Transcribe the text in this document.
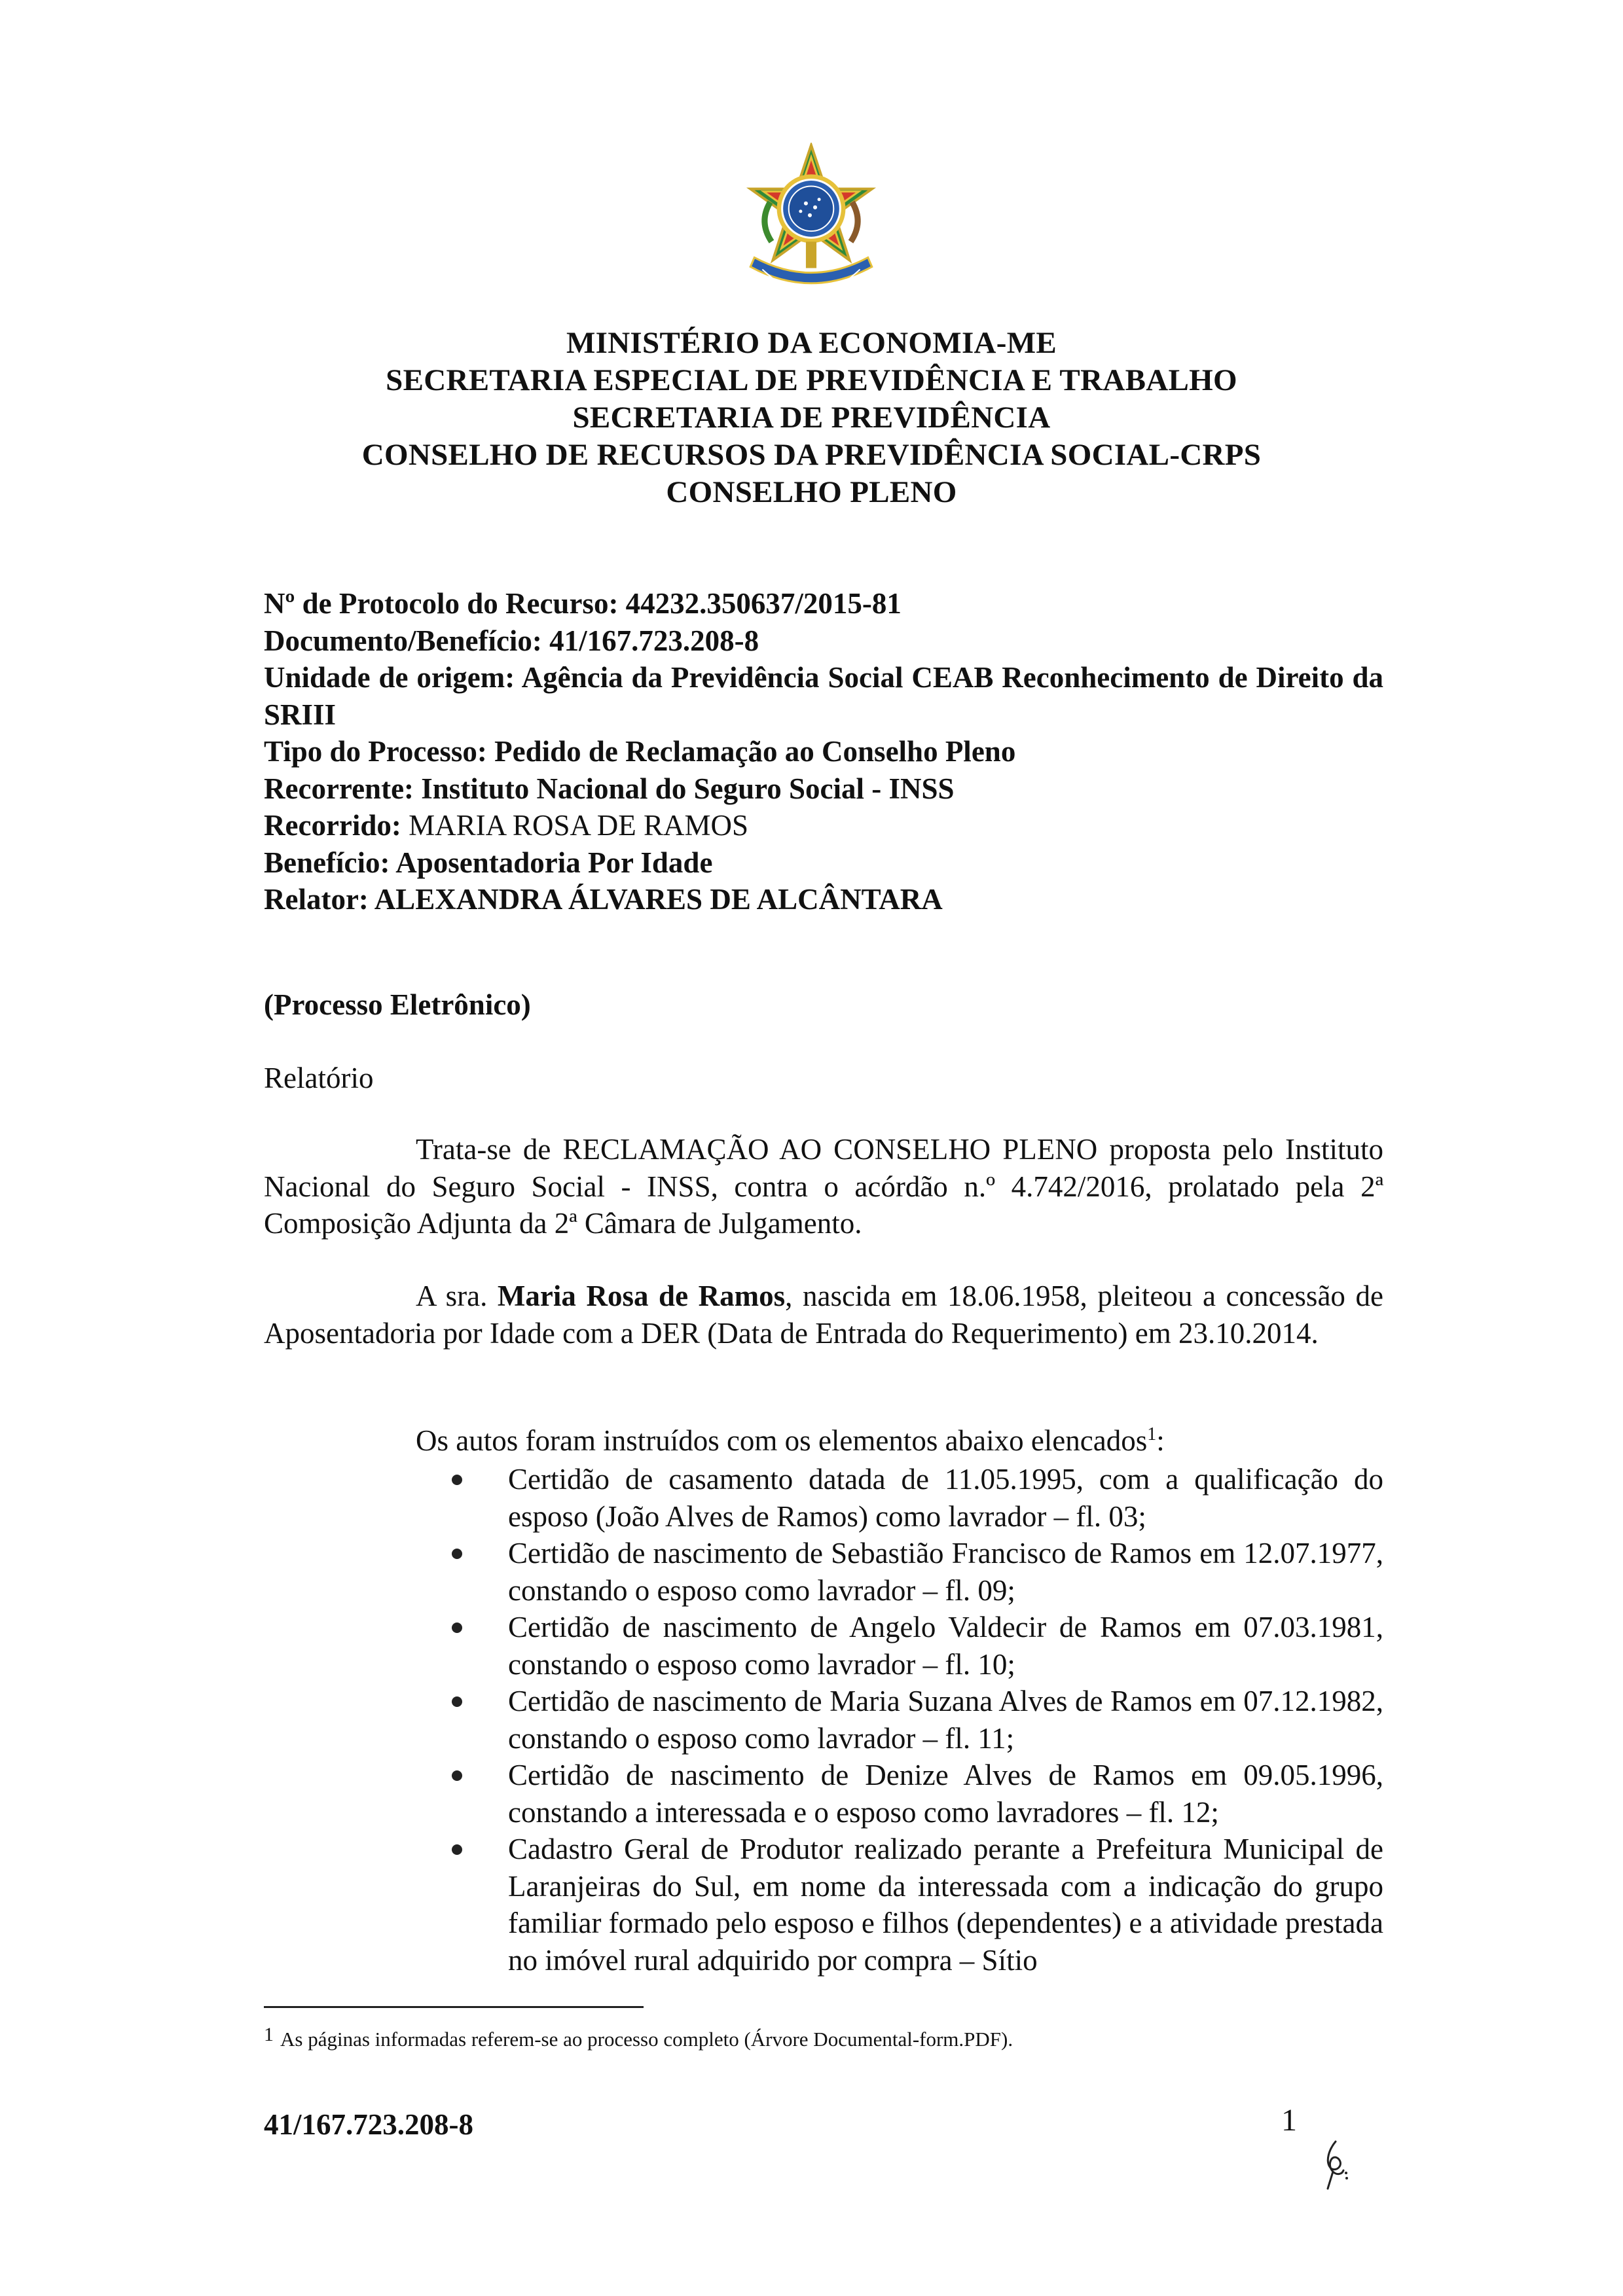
MINISTÉRIO DA ECONOMIA-ME
SECRETARIA ESPECIAL DE PREVIDÊNCIA E TRABALHO
SECRETARIA DE PREVIDÊNCIA
CONSELHO DE RECURSOS DA PREVIDÊNCIA SOCIAL-CRPS
CONSELHO PLENO
Nº de Protocolo do Recurso: 44232.350637/2015-81
Documento/Benefício: 41/167.723.208-8
Unidade de origem: Agência da Previdência Social CEAB Reconhecimento de Direito da SRIII
Tipo do Processo: Pedido de Reclamação ao Conselho Pleno
Recorrente: Instituto Nacional do Seguro Social - INSS
Recorrido: MARIA ROSA DE RAMOS
Benefício: Aposentadoria Por Idade
Relator: ALEXANDRA ÁLVARES DE ALCÂNTARA
(Processo Eletrônico)
Relatório
Trata-se de RECLAMAÇÃO AO CONSELHO PLENO proposta pelo Instituto Nacional do Seguro Social - INSS, contra o acórdão n.º 4.742/2016, prolatado pela 2ª Composição Adjunta da 2ª Câmara de Julgamento.
A sra. Maria Rosa de Ramos, nascida em 18.06.1958, pleiteou a concessão de Aposentadoria por Idade com a DER (Data de Entrada do Requerimento) em 23.10.2014.
Os autos foram instruídos com os elementos abaixo elencados$^1$:
Certidão de casamento datada de 11.05.1995, com a qualificação do esposo (João Alves de Ramos) como lavrador – fl. 03;
Certidão de nascimento de Sebastião Francisco de Ramos em 12.07.1977, constando o esposo como lavrador – fl. 09;
Certidão de nascimento de Angelo Valdecir de Ramos em 07.03.1981, constando o esposo como lavrador – fl. 10;
Certidão de nascimento de Maria Suzana Alves de Ramos em 07.12.1982, constando o esposo como lavrador – fl. 11;
Certidão de nascimento de Denize Alves de Ramos em 09.05.1996, constando a interessada e o esposo como lavradores – fl. 12;
Cadastro Geral de Produtor realizado perante a Prefeitura Municipal de Laranjeiras do Sul, em nome da interessada com a indicação do grupo familiar formado pelo esposo e filhos (dependentes) e a atividade prestada no imóvel rural adquirido por compra – Sítio
$^1$ As páginas informadas referem-se ao processo completo (Árvore Documental-form.PDF).
41/167.723.208-8	1
